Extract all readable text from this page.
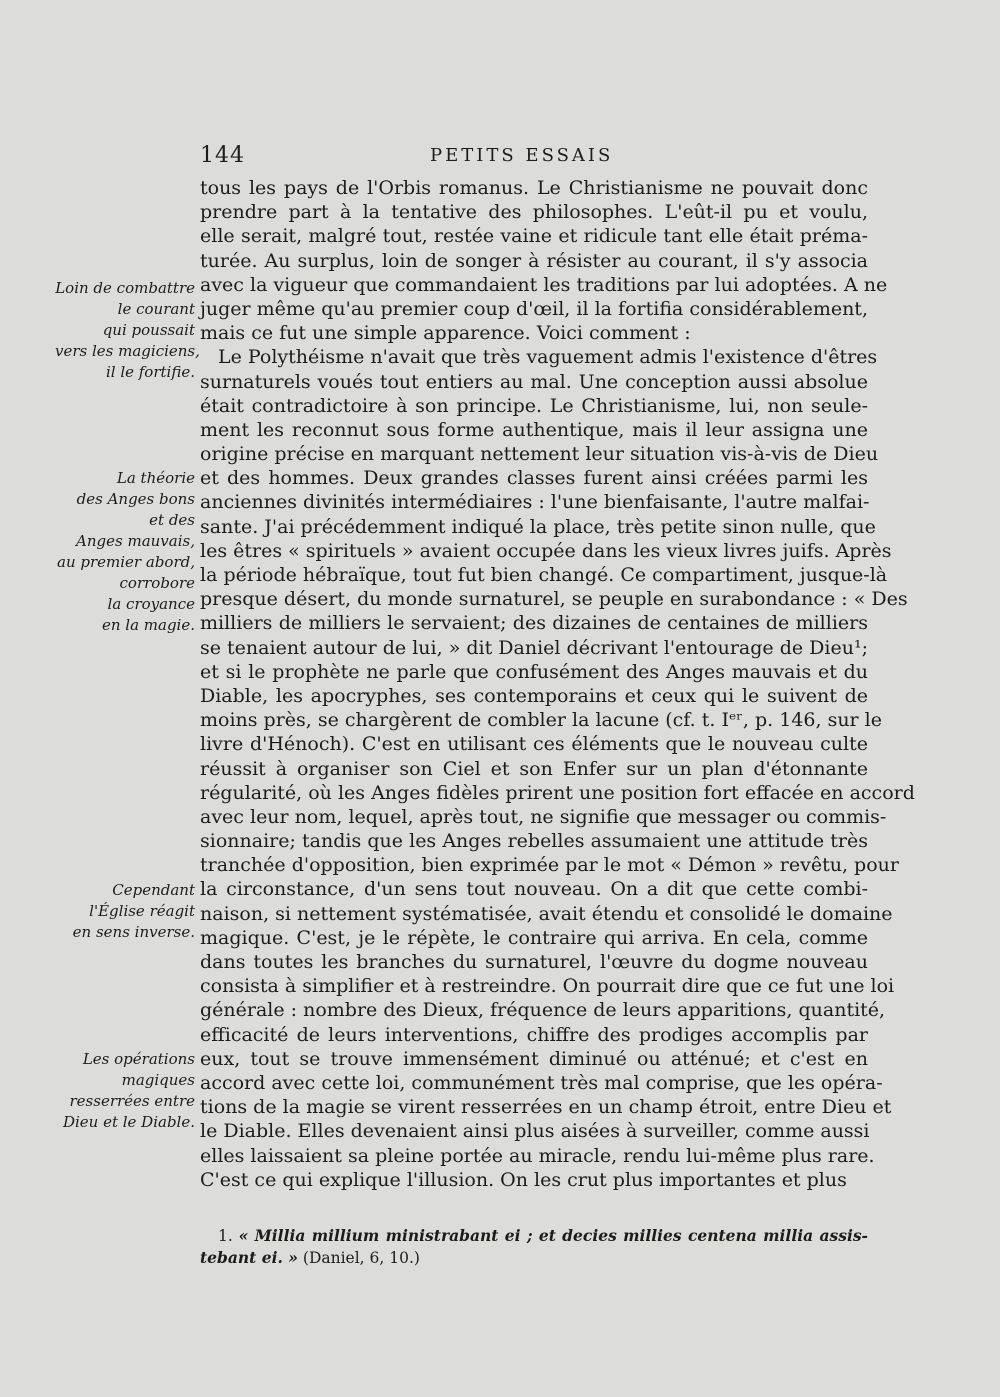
144	PETITS ESSAIS
tous les pays de l'Orbis romanus. Le Christianisme ne pouvait donc
prendre part à la tentative des philosophes. L'eût-il pu et voulu,
elle serait, malgré tout, restée vaine et ridicule tant elle était préma-
turée. Au surplus, loin de songer à résister au courant, il s'y associa
avec la vigueur que commandaient les traditions par lui adoptées. A ne
juger même qu'au premier coup d'œil, il la fortifia considérablement,
mais ce fut une simple apparence. Voici comment :
Le Polythéisme n'avait que très vaguement admis l'existence d'êtres
surnaturels voués tout entiers au mal. Une conception aussi absolue
était contradictoire à son principe. Le Christianisme, lui, non seule-
ment les reconnut sous forme authentique, mais il leur assigna une
origine précise en marquant nettement leur situation vis-à-vis de Dieu
et des hommes. Deux grandes classes furent ainsi créées parmi les
anciennes divinités intermédiaires : l'une bienfaisante, l'autre malfai-
sante. J'ai précédemment indiqué la place, très petite sinon nulle, que
les êtres « spirituels » avaient occupée dans les vieux livres juifs. Après
la période hébraïque, tout fut bien changé. Ce compartiment, jusque-là
presque désert, du monde surnaturel, se peuple en surabondance : « Des
milliers de milliers le servaient; des dizaines de centaines de milliers
se tenaient autour de lui, » dit Daniel décrivant l'entourage de Dieu¹;
et si le prophète ne parle que confusément des Anges mauvais et du
Diable, les apocryphes, ses contemporains et ceux qui le suivent de
moins près, se chargèrent de combler la lacune (cf. t. Iᵉʳ, p. 146, sur le
livre d'Hénoch). C'est en utilisant ces éléments que le nouveau culte
réussit à organiser son Ciel et son Enfer sur un plan d'étonnante
régularité, où les Anges fidèles prirent une position fort effacée en accord
avec leur nom, lequel, après tout, ne signifie que messager ou commis-
sionnaire; tandis que les Anges rebelles assumaient une attitude très
tranchée d'opposition, bien exprimée par le mot « Démon » revêtu, pour
la circonstance, d'un sens tout nouveau. On a dit que cette combi-
naison, si nettement systématisée, avait étendu et consolidé le domaine
magique. C'est, je le répète, le contraire qui arriva. En cela, comme
dans toutes les branches du surnaturel, l'œuvre du dogme nouveau
consista à simplifier et à restreindre. On pourrait dire que ce fut une loi
générale : nombre des Dieux, fréquence de leurs apparitions, quantité,
efficacité de leurs interventions, chiffre des prodiges accomplis par
eux, tout se trouve immensément diminué ou atténué; et c'est en
accord avec cette loi, communément très mal comprise, que les opéra-
tions de la magie se virent resserrées en un champ étroit, entre Dieu et
le Diable. Elles devenaient ainsi plus aisées à surveiller, comme aussi
elles laissaient sa pleine portée au miracle, rendu lui-même plus rare.
C'est ce qui explique l'illusion. On les crut plus importantes et plus
Loin de combattre
le courant
qui poussait
vers les magiciens,
il le fortifie.
La théorie
des Anges bons
et des
Anges mauvais,
au premier abord,
corrobore
la croyance
en la magie.
Cependant
l'Église réagit
en sens inverse.
Les opérations
magiques
resserrées entre
Dieu et le Diable.
1. « Millia millium ministrabant ei ; et decies millies centena millia assis-
tebant ei. » (Daniel, 6, 10.)
